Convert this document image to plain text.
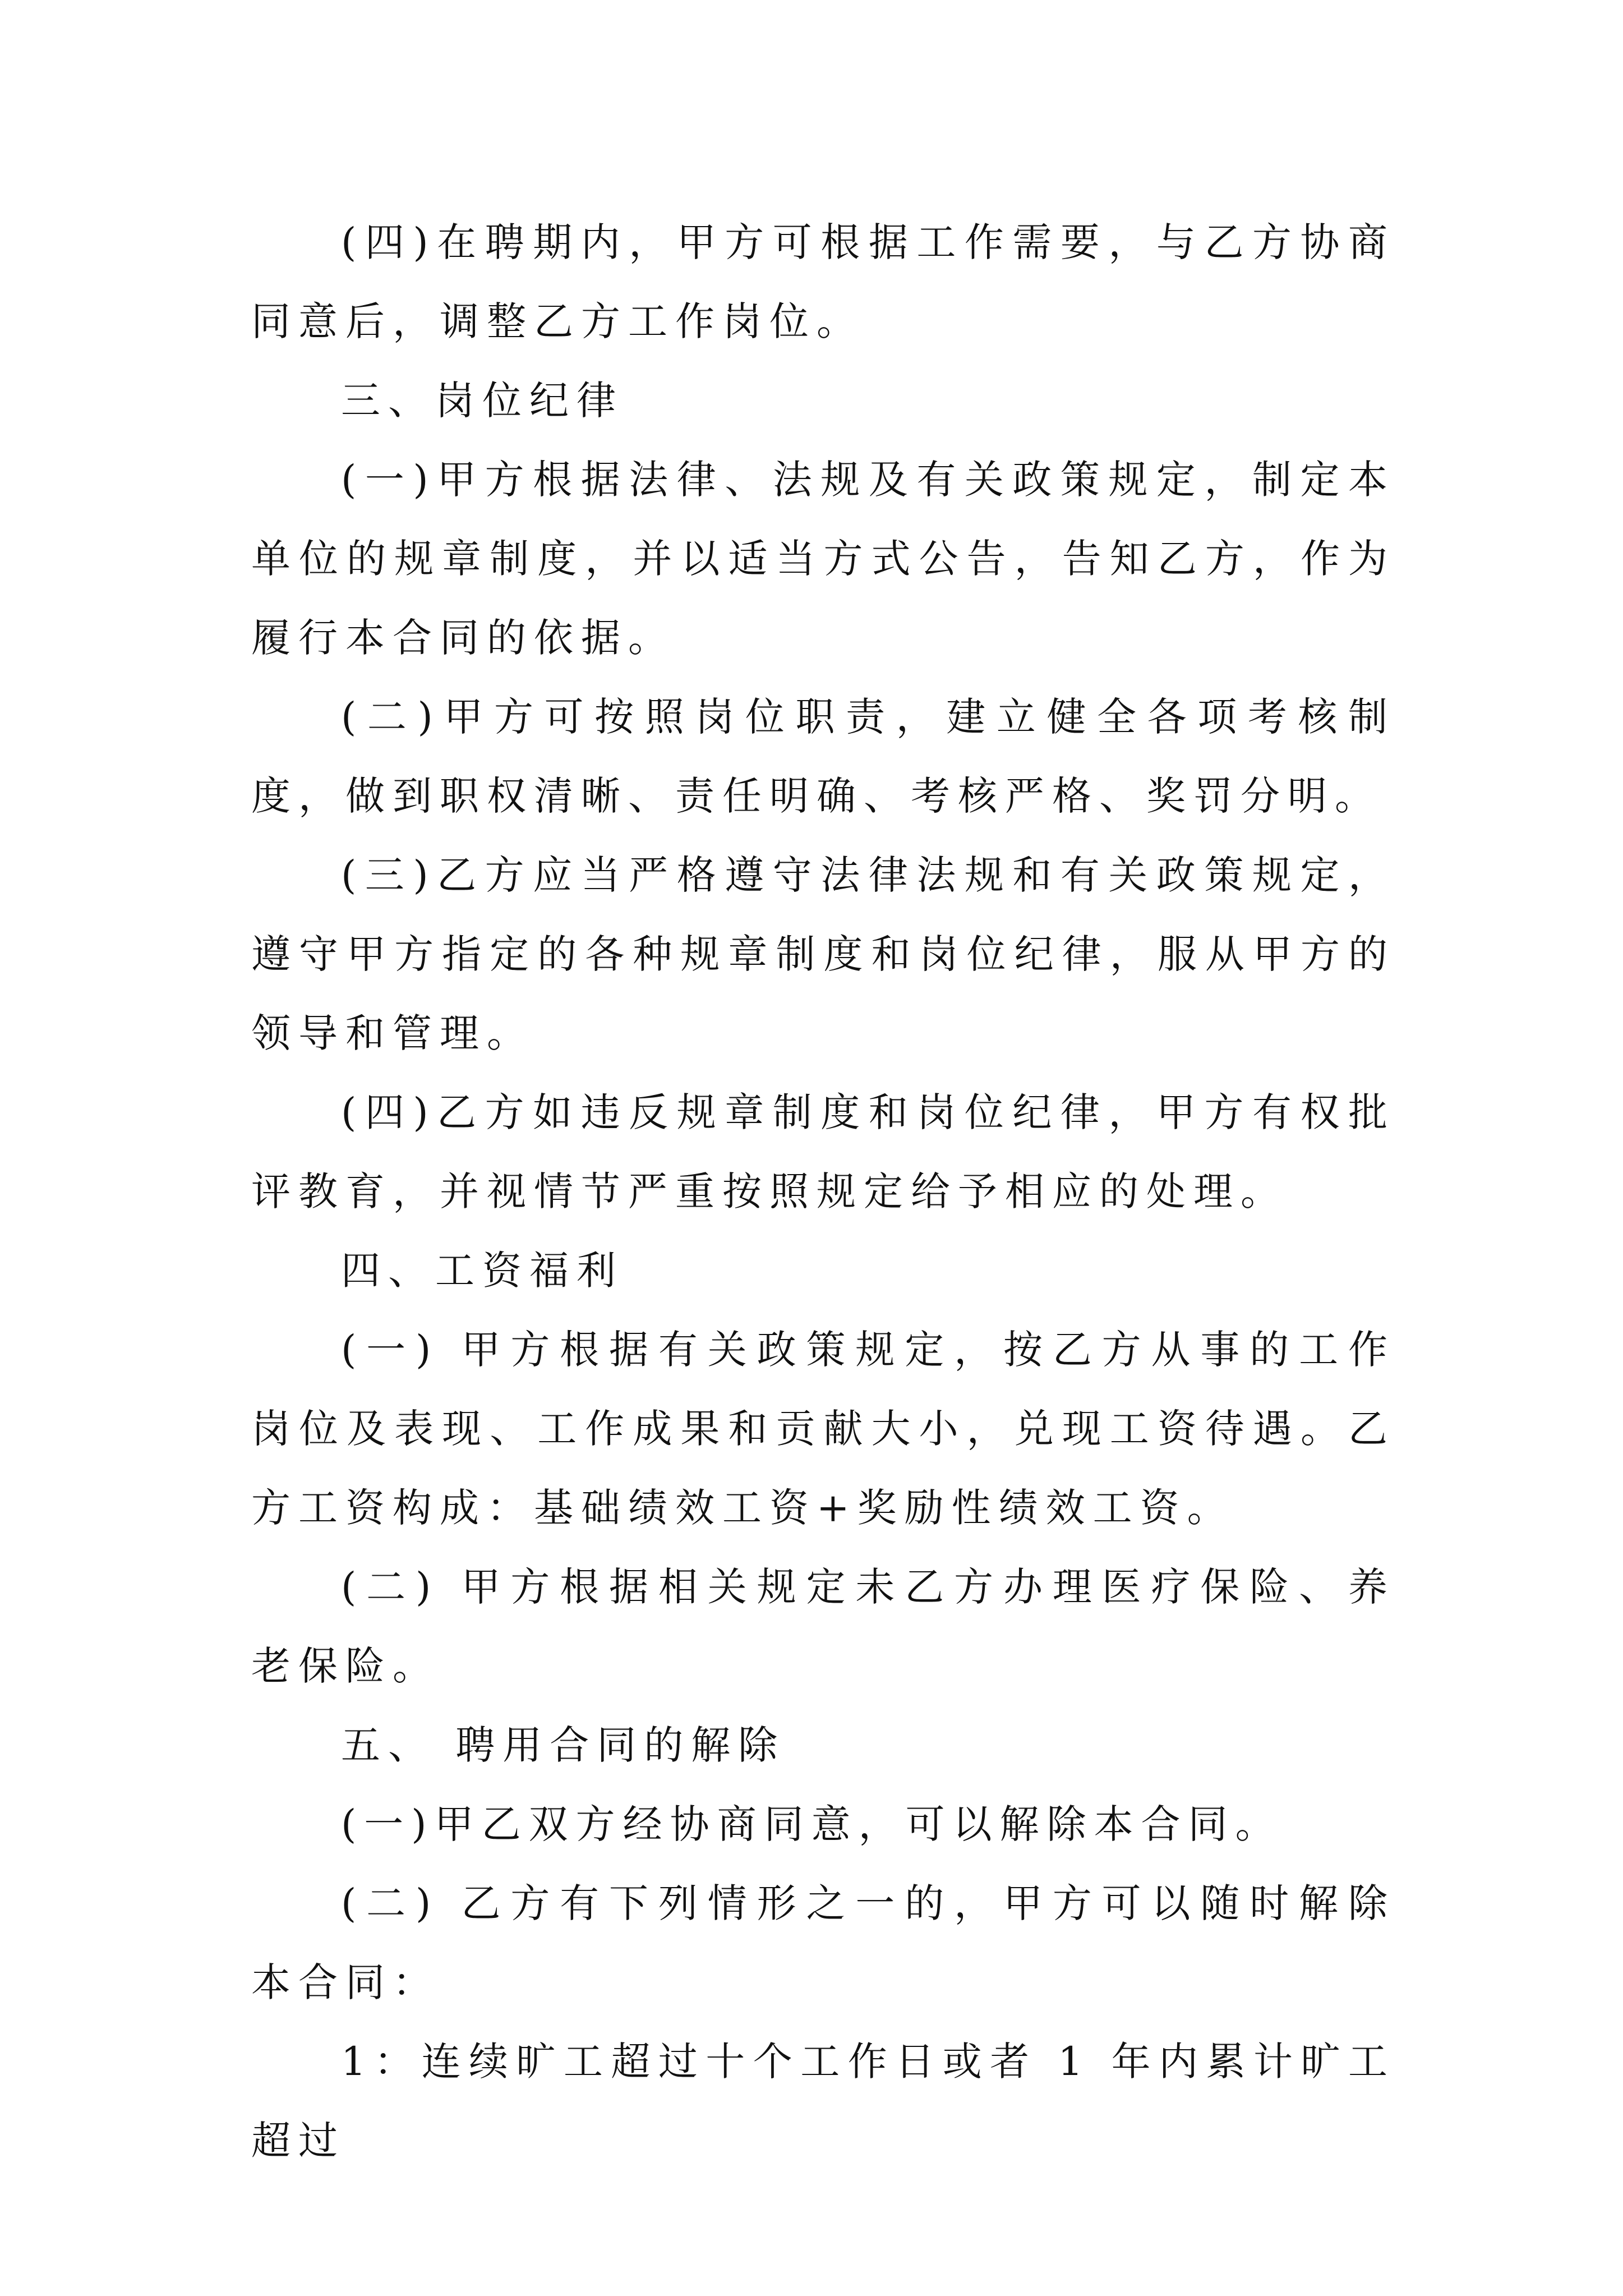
(四)在聘期内，甲方可根据工作需要，与乙方协商同意后，调整乙方工作岗位。

三、岗位纪律

(一)甲方根据法律、法规及有关政策规定，制定本单位的规章制度，并以适当方式公告，告知乙方，作为履行本合同的依据。

(二)甲方可按照岗位职责，建立健全各项考核制度，做到职权清晰、责任明确、考核严格、奖罚分明。

(三)乙方应当严格遵守法律法规和有关政策规定，遵守甲方指定的各种规章制度和岗位纪律，服从甲方的领导和管理。

(四)乙方如违反规章制度和岗位纪律，甲方有权批评教育，并视情节严重按照规定给予相应的处理。

四、工资福利

(一) 甲方根据有关政策规定，按乙方从事的工作岗位及表现、工作成果和贡献大小，兑现工资待遇。乙方工资构成：基础绩效工资+奖励性绩效工资。

(二) 甲方根据相关规定未乙方办理医疗保险、养老保险。

五、 聘用合同的解除

(一)甲乙双方经协商同意，可以解除本合同。

(二) 乙方有下列情形之一的，甲方可以随时解除本合同：

1：连续旷工超过十个工作日或者 1 年内累计旷工超过
